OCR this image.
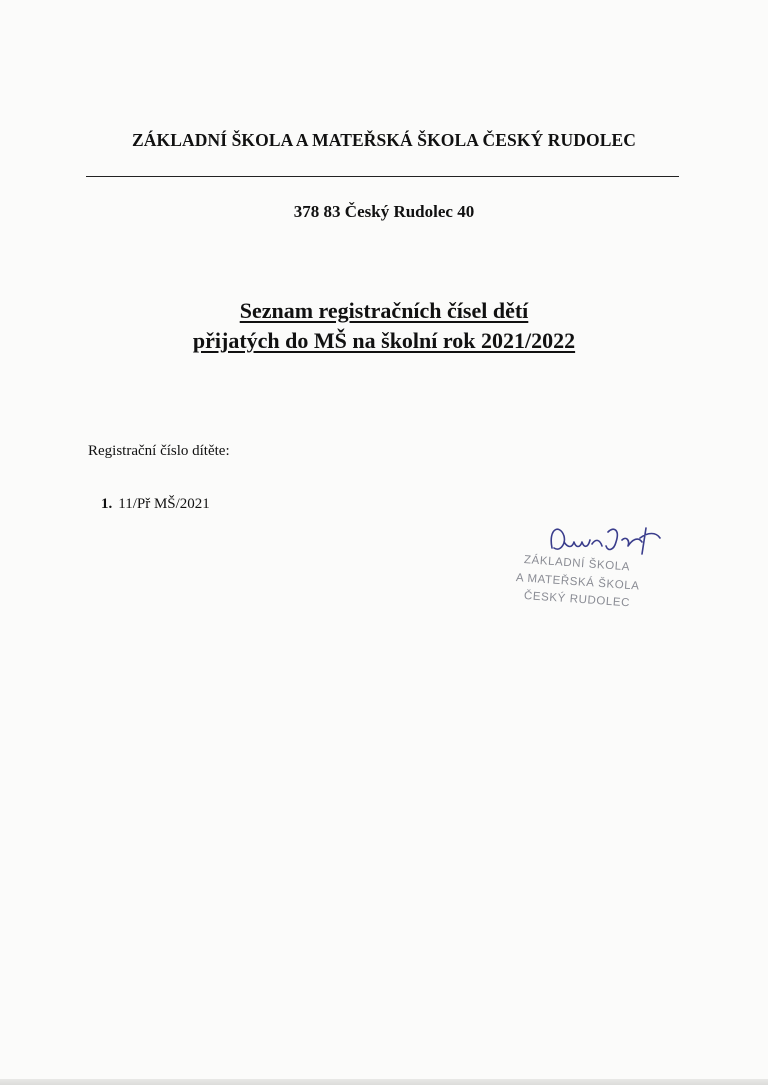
ZÁKLADNÍ ŠKOLA A MATEŘSKÁ ŠKOLA ČESKÝ RUDOLEC
378 83 Český Rudolec 40
Seznam registračních čísel dětí
přijatých do MŠ na školní rok 2021/2022
Registrační číslo dítěte:
1. 11/Př MŠ/2021
ZÁKLADNÍ ŠKOLA
A MATEŘSKÁ ŠKOLA
ČESKÝ RUDOLEC
